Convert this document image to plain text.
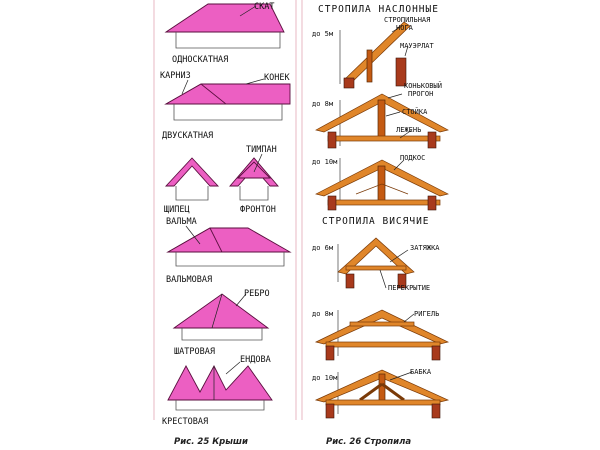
СКАТ
ОДНОСКАТНАЯ
КАРНИЗ	КОНЕК
ДВУСКАТНАЯ
ТИМПАН
ЩИПЕЦ	ФРОНТОН
ВАЛЬМА
ВАЛЬМОВАЯ
РЕБРО
ШАТРОВАЯ
ЕНДОВА
КРЕСТОВАЯ
Рис. 25 Крыши
СТРОПИЛА НАСЛОННЫЕ
до 5м
СТРОПИЛЬНАЯ
НОГА
МАУЭРЛАТ
до 8м
КОНЬКОВЫЙ
ПРОГОН
СТОЙКА
ЛЕЖЕНЬ
до 10м	ПОДКОС
СТРОПИЛА ВИСЯЧИЕ
до 6м	ЗАТЯЖКА
ПЕРЕКРЫТИЕ
до 8м	РИГЕЛЬ
до 10м
БАБКА
Рис. 26 Стропила
